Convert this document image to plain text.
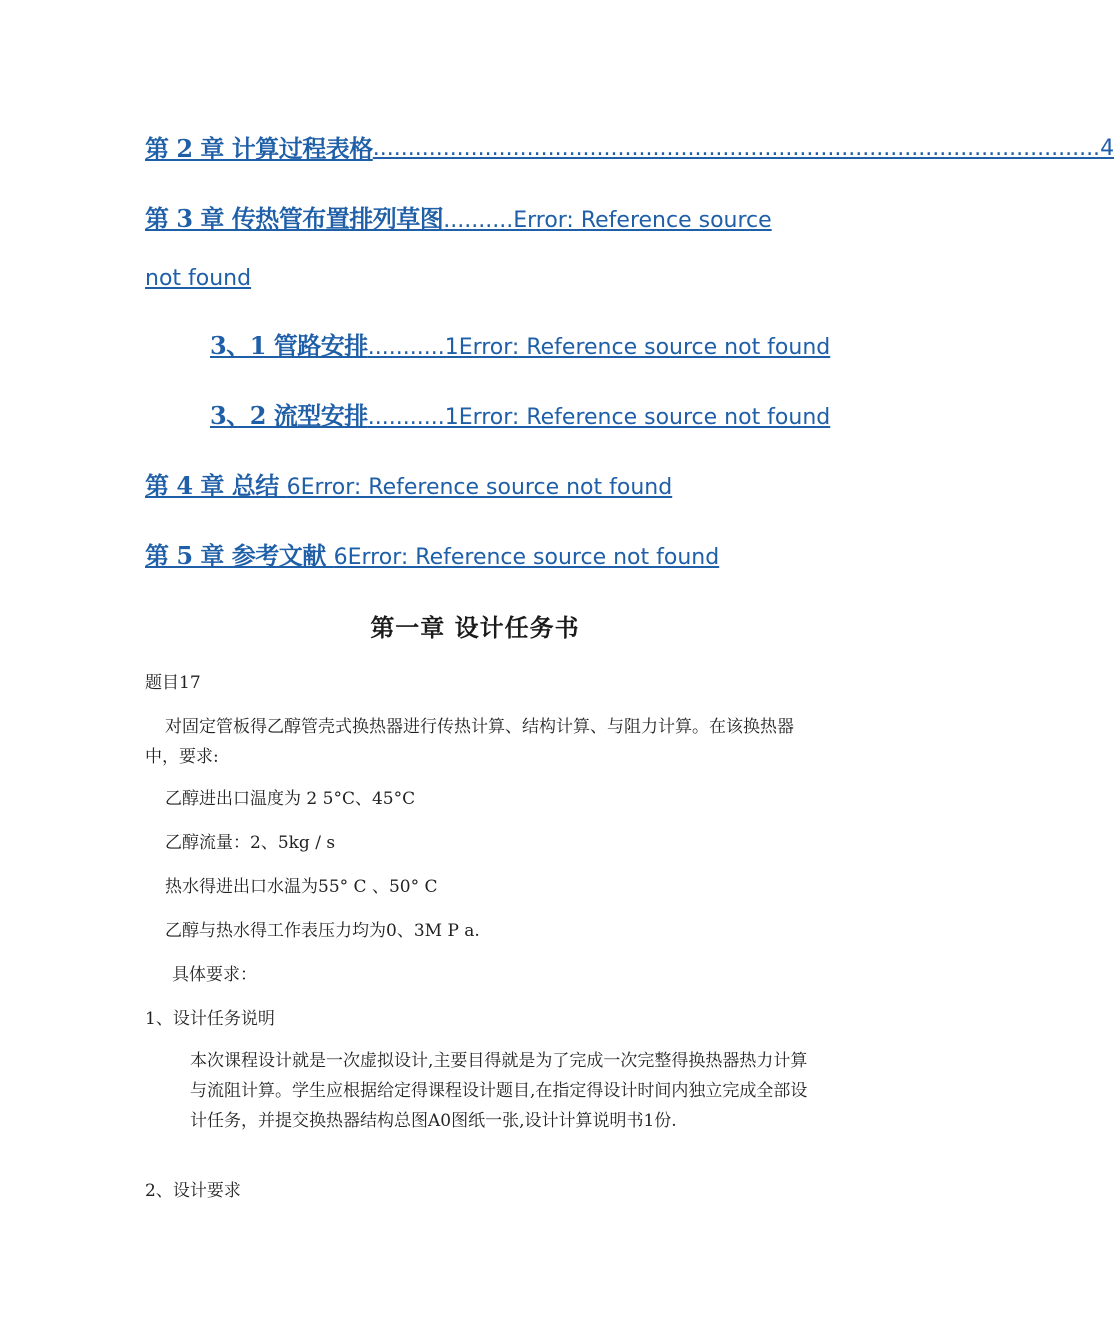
第 2 章 计算过程表格 ........................................................................................................ 4
第 3 章 传热管布置排列草图..........Error: Reference source not found
3、1 管路安排...........1Error: Reference source not found
3、2 流型安排...........1Error: Reference source not found
第 4 章 总结 6Error: Reference source not found
第 5 章 参考文献 6Error: Reference source not found
第一章 设计任务书
题目17
对固定管板得乙醇管壳式换热器进行传热计算、结构计算、与阻力计算。在该换热器中，要求:
乙醇进出口温度为 2 5°C、45°C
乙醇流量：2、5kg / s
热水得进出口水温为55° C 、50° C
乙醇与热水得工作表压力均为0、3M P a.
具体要求：
1、设计任务说明
本次课程设计就是一次虚拟设计,主要目得就是为了完成一次完整得换热器热力计算与流阻计算。学生应根据给定得课程设计题目,在指定得设计时间内独立完成全部设计任务，并提交换热器结构总图A0图纸一张,设计计算说明书1份.
2、设计要求
